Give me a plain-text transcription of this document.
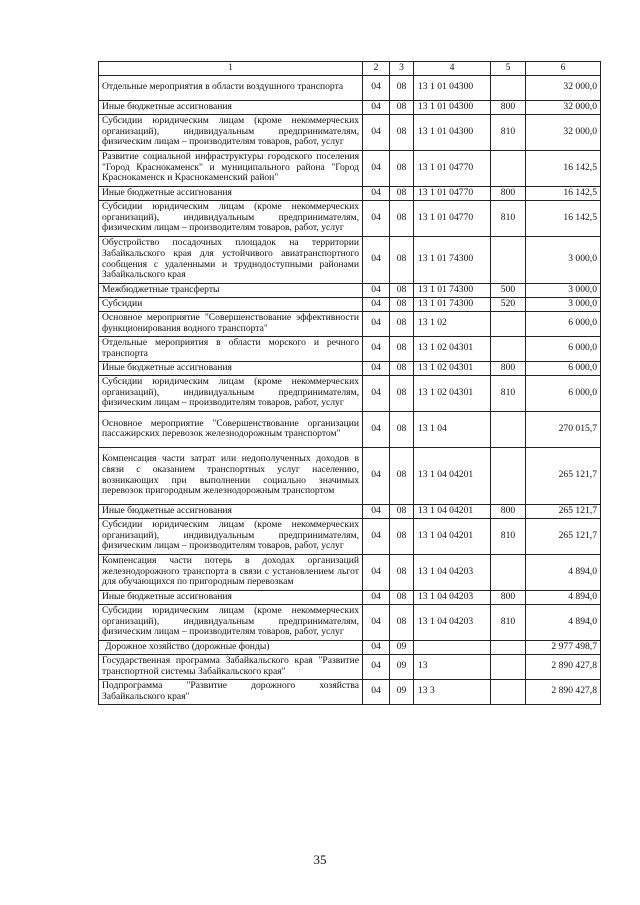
1	2	3	4	5	6
Отдельные мероприятия в области воздушного транспорта	04	08	13 1 01 04300		32 000,0
Иные бюджетные ассигнования	04	08	13 1 01 04300	800	32 000,0
Субсидии юридическим лицам (кроме некоммерческих организаций), индивидуальным предпринимателям, физическим лицам – производителям товаров, работ, услуг	04	08	13 1 01 04300	810	32 000,0
Развитие социальной инфраструктуры городского поселения "Город Краснокаменск" и муниципального района "Город Краснокаменск и Краснокаменский район"	04	08	13 1 01 04770		16 142,5
Иные бюджетные ассигнования	04	08	13 1 01 04770	800	16 142,5
Субсидии юридическим лицам (кроме некоммерческих организаций), индивидуальным предпринимателям, физическим лицам – производителям товаров, работ, услуг	04	08	13 1 01 04770	810	16 142,5
Обустройство посадочных площадок на территории Забайкальского края для устойчивого авиатранспортного сообщения с удаленными и труднодоступными районами Забайкальского края	04	08	13 1 01 74300		3 000,0
Межбюджетные трансферты	04	08	13 1 01 74300	500	3 000,0
Субсидии	04	08	13 1 01 74300	520	3 000,0
Основное мероприятие "Совершенствование эффективности функционирования водного транспорта"	04	08	13 1 02		6 000,0
Отдельные мероприятия в области морского и речного транспорта	04	08	13 1 02 04301		6 000,0
Иные бюджетные ассигнования	04	08	13 1 02 04301	800	6 000,0
Субсидии юридическим лицам (кроме некоммерческих организаций), индивидуальным предпринимателям, физическим лицам – производителям товаров, работ, услуг	04	08	13 1 02 04301	810	6 000,0
Основное мероприятие "Совершенствование организации пассажирских перевозок железнодорожным транспортом"	04	08	13 1 04		270 015,7
Компенсация части затрат или недополученных доходов в связи с оказанием транспортных услуг населению, возникающих при выполнении социально значимых перевозок пригородным железнодорожным транспортом	04	08	13 1 04 04201		265 121,7
Иные бюджетные ассигнования	04	08	13 1 04 04201	800	265 121,7
Субсидии юридическим лицам (кроме некоммерческих организаций), индивидуальным предпринимателям, физическим лицам – производителям товаров, работ, услуг	04	08	13 1 04 04201	810	265 121,7
Компенсация части потерь в доходах организаций железнодорожного транспорта в связи с установлением льгот для обучающихся по пригородным перевозкам	04	08	13 1 04 04203		4 894,0
Иные бюджетные ассигнования	04	08	13 1 04 04203	800	4 894,0
Субсидии юридическим лицам (кроме некоммерческих организаций), индивидуальным предпринимателям, физическим лицам – производителям товаров, работ, услуг	04	08	13 1 04 04203	810	4 894,0
Дорожное хозяйство (дорожные фонды)	04	09			2 977 498,7
Государственная программа Забайкальского края "Развитие транспортной системы Забайкальского края"	04	09	13		2 890 427,8
Подпрограмма "Развитие дорожного хозяйства Забайкальского края"	04	09	13 3		2 890 427,8
35
